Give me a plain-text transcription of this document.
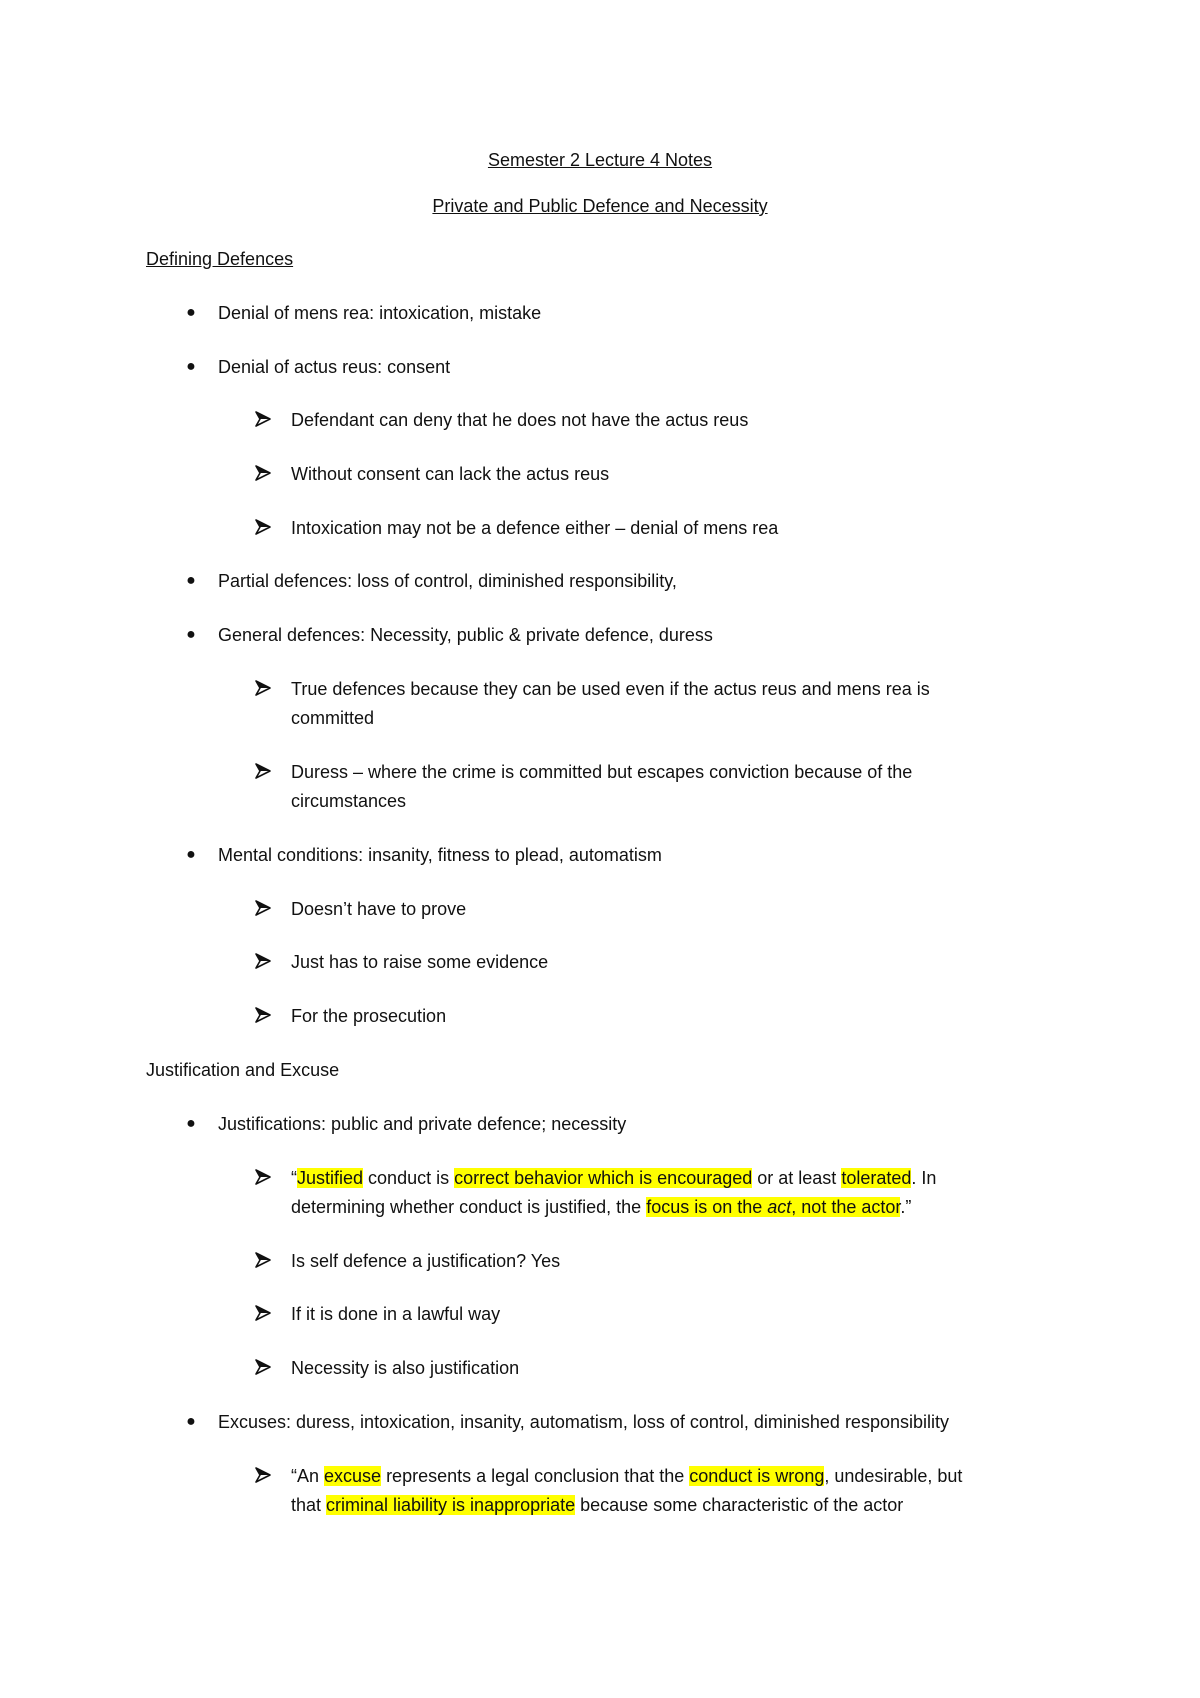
Semester 2 Lecture 4 Notes
Private and Public Defence and Necessity
Defining Defences
● Denial of mens rea: intoxication, mistake
● Denial of actus reus: consent
Defendant can deny that he does not have the actus reus
Without consent can lack the actus reus
Intoxication may not be a defence either – denial of mens rea
● Partial defences: loss of control, diminished responsibility,
● General defences: Necessity, public & private defence, duress
True defences because they can be used even if the actus reus and mens rea is
committed
Duress – where the crime is committed but escapes conviction because of the
circumstances
● Mental conditions: insanity, fitness to plead, automatism
Doesn’t have to prove
Just has to raise some evidence
For the prosecution
Justification and Excuse
● Justifications: public and private defence; necessity
“Justified conduct is correct behavior which is encouraged or at least tolerated. In
determining whether conduct is justified, the focus is on the act, not the actor.”
Is self defence a justification? Yes
If it is done in a lawful way
Necessity is also justification
● Excuses: duress, intoxication, insanity, automatism, loss of control, diminished responsibility
“An excuse represents a legal conclusion that the conduct is wrong, undesirable, but
that criminal liability is inappropriate because some characteristic of the actor
